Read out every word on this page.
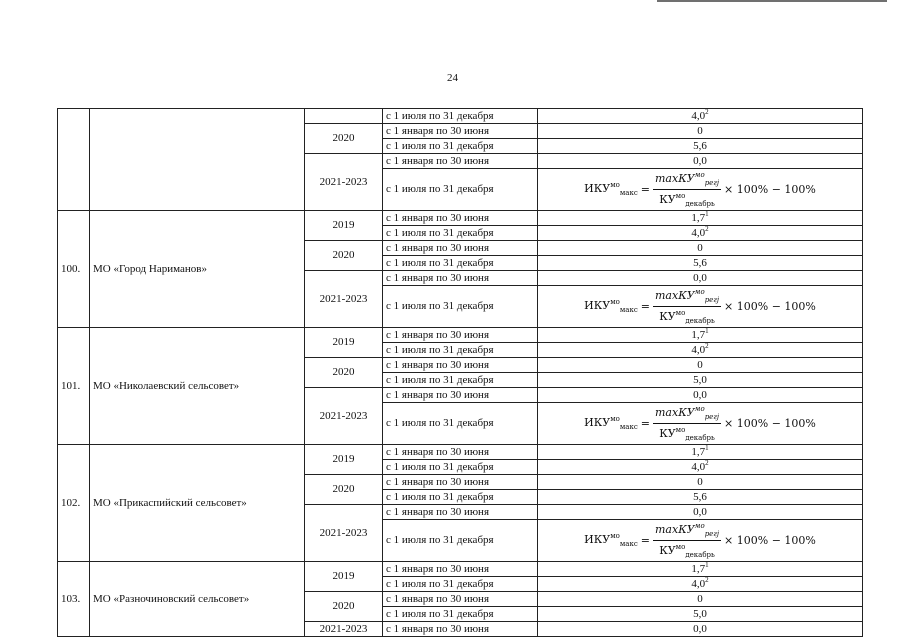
24
			с 1 июля по 31 декабря	$4,0^2$
		2020	с 1 января по 30 июня	0
			с 1 июля по 31 декабря	5,6
		2021-2023	с 1 января по 30 июня	0,0
			с 1 июля по 31 декабря	$ИКУ^{мо}_{макс} = \frac{\max КУ^{мо}_{регj}}{КУ^{мо}_{декабрь}} \times 100\% - 100\%$

100.	МО «Город Нариманов»	2019	с 1 января по 30 июня	$1,7^1$
			с 1 июля по 31 декабря	$4,0^2$
		2020	с 1 января по 30 июня	0
			с 1 июля по 31 декабря	5,6
		2021-2023	с 1 января по 30 июня	0,0
			с 1 июля по 31 декабря	$ИКУ^{мо}_{макс} = \frac{\max КУ^{мо}_{регj}}{КУ^{мо}_{декабрь}} \times 100\% - 100\%$

101.	МО «Николаевский сельсовет»	2019	с 1 января по 30 июня	$1,7^1$
			с 1 июля по 31 декабря	$4,0^2$
		2020	с 1 января по 30 июня	0
			с 1 июля по 31 декабря	5,0
		2021-2023	с 1 января по 30 июня	0,0
			с 1 июля по 31 декабря	$ИКУ^{мо}_{макс} = \frac{\max КУ^{мо}_{регj}}{КУ^{мо}_{декабрь}} \times 100\% - 100\%$

102.	МО «Прикаспийский сельсовет»	2019	с 1 января по 30 июня	$1,7^1$
			с 1 июля по 31 декабря	$4,0^2$
		2020	с 1 января по 30 июня	0
			с 1 июля по 31 декабря	5,6
		2021-2023	с 1 января по 30 июня	0,0
			с 1 июля по 31 декабря	$ИКУ^{мо}_{макс} = \frac{\max КУ^{мо}_{регj}}{КУ^{мо}_{декабрь}} \times 100\% - 100\%$

103.	МО «Разночиновский сельсовет»	2019	с 1 января по 30 июня	$1,7^1$
			с 1 июля по 31 декабря	$4,0^2$
		2020	с 1 января по 30 июня	0
			с 1 июля по 31 декабря	5,0
		2021-2023	с 1 января по 30 июня	0,0
